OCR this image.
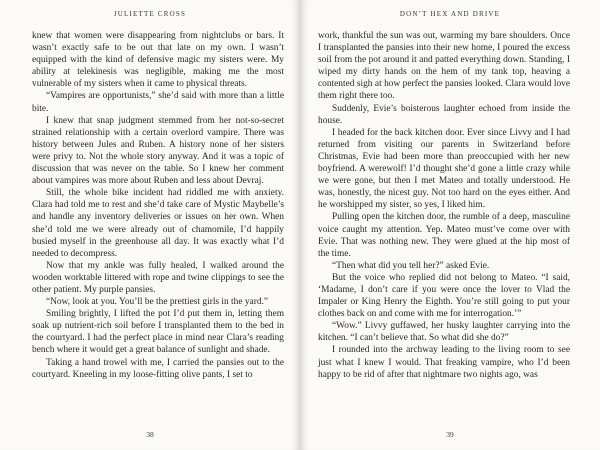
JULIETTE CROSS

knew that women were disappearing from nightclubs or bars. It wasn’t exactly safe to be out that late on my own. I wasn’t equipped with the kind of defensive magic my sisters were. My ability at telekinesis was negligible, making me the most vulnerable of my sisters when it came to physical threats.

“Vampires are opportunists,” she’d said with more than a little bite.

I knew that snap judgment stemmed from her not-so-secret strained relationship with a certain overlord vampire. There was history between Jules and Ruben. A history none of her sisters were privy to. Not the whole story anyway. And it was a topic of discussion that was never on the table. So I knew her comment about vampires was more about Ruben and less about Devraj.

Still, the whole bike incident had riddled me with anxiety. Clara had told me to rest and she’d take care of Mystic Maybelle’s and handle any inventory deliveries or issues on her own. When she’d told me we were already out of chamomile, I’d happily busied myself in the greenhouse all day. It was exactly what I’d needed to decompress.

Now that my ankle was fully healed, I walked around the wooden worktable littered with rope and twine clippings to see the other patient. My purple pansies.

“Now, look at you. You’ll be the prettiest girls in the yard.”

Smiling brightly, I lifted the pot I’d put them in, letting them soak up nutrient-rich soil before I transplanted them to the bed in the courtyard. I had the perfect place in mind near Clara’s reading bench where it would get a great balance of sunlight and shade.

Taking a hand trowel with me, I carried the pansies out to the courtyard. Kneeling in my loose-fitting olive pants, I set to

38
DON’T HEX AND DRIVE

work, thankful the sun was out, warming my bare shoulders. Once I transplanted the pansies into their new home, I poured the excess soil from the pot around it and patted everything down. Standing, I wiped my dirty hands on the hem of my tank top, heaving a contented sigh at how perfect the pansies looked. Clara would love them right there too.

Suddenly, Evie’s boisterous laughter echoed from inside the house.

I headed for the back kitchen door. Ever since Livvy and I had returned from visiting our parents in Switzerland before Christmas, Evie had been more than preoccupied with her new boyfriend. A werewolf! I’d thought she’d gone a little crazy while we were gone, but then I met Mateo and totally understood. He was, honestly, the nicest guy. Not too hard on the eyes either. And he worshipped my sister, so yes, I liked him.

Pulling open the kitchen door, the rumble of a deep, masculine voice caught my attention. Yep. Mateo must’ve come over with Evie. That was nothing new. They were glued at the hip most of the time.

“Then what did you tell her?” asked Evie.

But the voice who replied did not belong to Mateo. “I said, ‘Madame, I don’t care if you were once the lover to Vlad the Impaler or King Henry the Eighth. You’re still going to put your clothes back on and come with me for interrogation.’”

“Wow.” Livvy guffawed, her husky laughter carrying into the kitchen. “I can’t believe that. So what did she do?”

I rounded into the archway leading to the living room to see just what I knew I would. That freaking vampire, who I’d been happy to be rid of after that nightmare two nights ago, was

39
